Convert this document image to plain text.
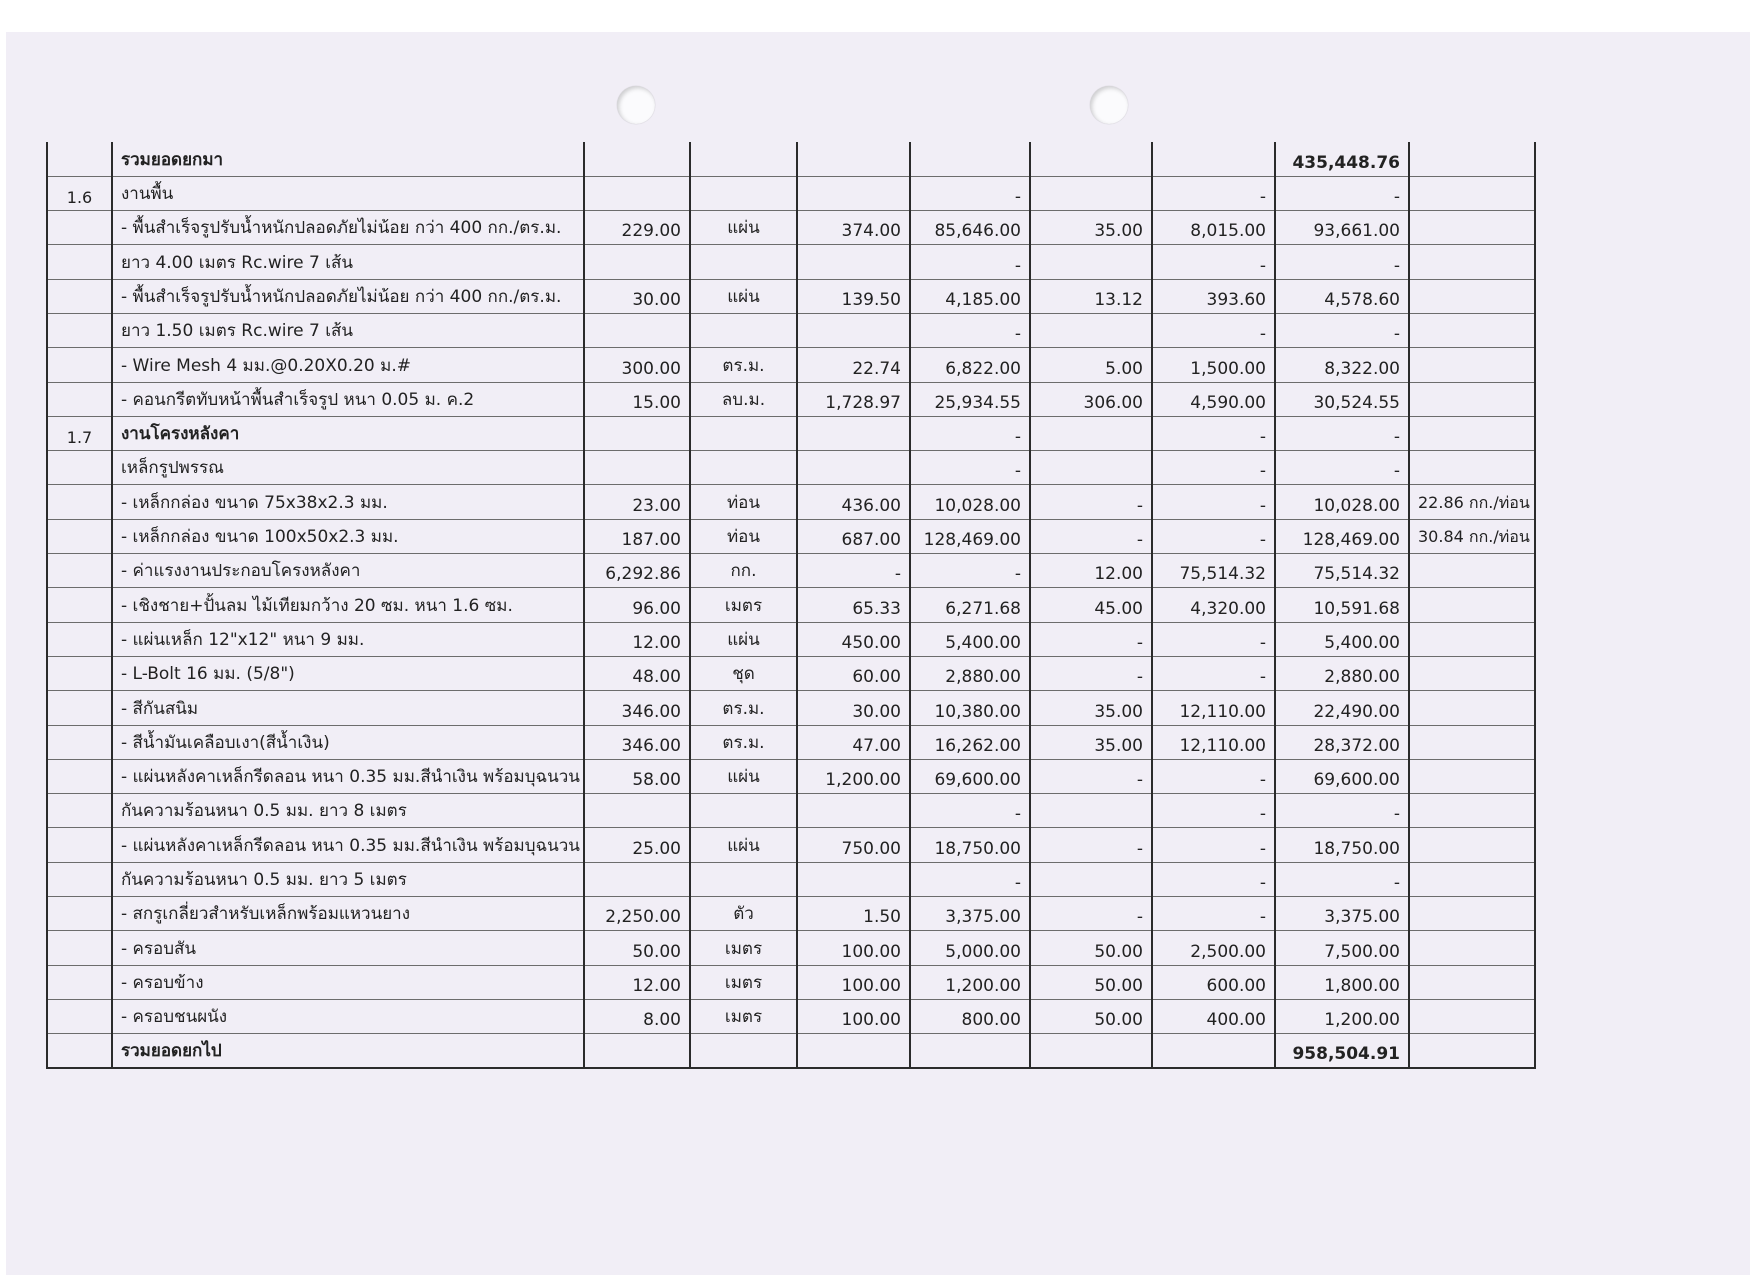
	รวมยอดยกมา							435,448.76	
1.6	งานพื้น				-		-	-	
	- พื้นสำเร็จรูปรับน้ำหนักปลอดภัยไม่น้อย กว่า 400 กก./ตร.ม.	229.00	แผ่น	374.00	85,646.00	35.00	8,015.00	93,661.00	
	ยาว 4.00 เมตร Rc.wire 7 เส้น				-		-	-	
	- พื้นสำเร็จรูปรับน้ำหนักปลอดภัยไม่น้อย กว่า 400 กก./ตร.ม.	30.00	แผ่น	139.50	4,185.00	13.12	393.60	4,578.60	
	ยาว 1.50 เมตร Rc.wire 7 เส้น				-		-	-	
	- Wire Mesh 4 มม.@0.20X0.20 ม.#	300.00	ตร.ม.	22.74	6,822.00	5.00	1,500.00	8,322.00	
	- คอนกรีตทับหน้าพื้นสำเร็จรูป หนา 0.05 ม. ค.2	15.00	ลบ.ม.	1,728.97	25,934.55	306.00	4,590.00	30,524.55	
1.7	งานโครงหลังคา				-		-	-	
	เหล็กรูปพรรณ				-		-	-	
	- เหล็กกล่อง ขนาด 75x38x2.3 มม.	23.00	ท่อน	436.00	10,028.00	-	-	10,028.00	22.86 กก./ท่อน
	- เหล็กกล่อง ขนาด 100x50x2.3 มม.	187.00	ท่อน	687.00	128,469.00	-	-	128,469.00	30.84 กก./ท่อน
	- ค่าแรงงานประกอบโครงหลังคา	6,292.86	กก.	-	-	12.00	75,514.32	75,514.32	
	- เชิงชาย+ปั้นลม ไม้เทียมกว้าง 20 ซม. หนา 1.6 ซม.	96.00	เมตร	65.33	6,271.68	45.00	4,320.00	10,591.68	
	- แผ่นเหล็ก 12"x12" หนา 9 มม.	12.00	แผ่น	450.00	5,400.00	-	-	5,400.00	
	- L-Bolt 16 มม. (5/8")	48.00	ชุด	60.00	2,880.00	-	-	2,880.00	
	- สีกันสนิม	346.00	ตร.ม.	30.00	10,380.00	35.00	12,110.00	22,490.00	
	- สีน้ำมันเคลือบเงา(สีน้ำเงิน)	346.00	ตร.ม.	47.00	16,262.00	35.00	12,110.00	28,372.00	
	- แผ่นหลังคาเหล็กรีดลอน หนา 0.35 มม.สีนำเงิน พร้อมบุฉนวน	58.00	แผ่น	1,200.00	69,600.00	-	-	69,600.00	
	กันความร้อนหนา 0.5 มม. ยาว 8 เมตร				-		-	-	
	- แผ่นหลังคาเหล็กรีดลอน หนา 0.35 มม.สีนำเงิน พร้อมบุฉนวน	25.00	แผ่น	750.00	18,750.00	-	-	18,750.00	
	กันความร้อนหนา 0.5 มม. ยาว 5 เมตร				-		-	-	
	- สกรูเกลี่ยวสำหรับเหล็กพร้อมแหวนยาง	2,250.00	ตัว	1.50	3,375.00	-	-	3,375.00	
	- ครอบสัน	50.00	เมตร	100.00	5,000.00	50.00	2,500.00	7,500.00	
	- ครอบข้าง	12.00	เมตร	100.00	1,200.00	50.00	600.00	1,800.00	
	- ครอบชนผนัง	8.00	เมตร	100.00	800.00	50.00	400.00	1,200.00	
	รวมยอดยกไป							958,504.91	
